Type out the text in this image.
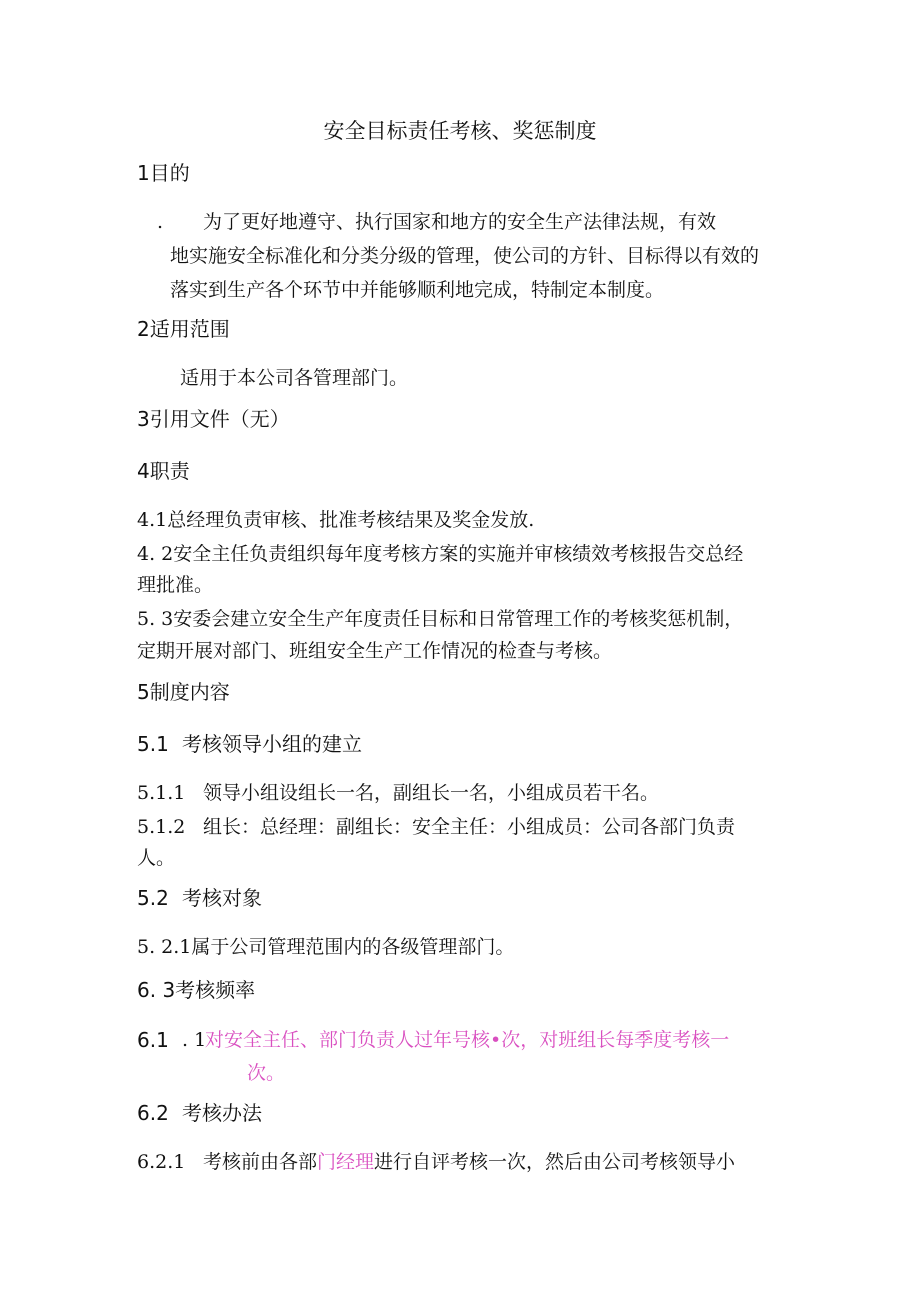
安全目标责任考核、奖惩制度
1目的
. 为了更好地遵守、执行国家和地方的安全生产法律法规，有效
地实施安全标准化和分类分级的管理，使公司的方针、目标得以有效的
落实到生产各个环节中并能够顺利地完成，特制定本制度。
2适用范围
适用于本公司各管理部门。
3引用文件（无）
4职责
4.1总经理负责审核、批准考核结果及奖金发放.
4. 2安全主任负责组织每年度考核方案的实施并审核绩效考核报告交总经
理批准。
5. 3安委会建立安全生产年度责任目标和日常管理工作的考核奖惩机制，
定期开展对部门、班组安全生产工作情况的检查与考核。
5制度内容
5.1 考核领导小组的建立
5.1.1 领导小组设组长一名，副组长一名，小组成员若干名。
5.1.2 组长：总经理：副组长：安全主任：小组成员：公司各部门负责
人。
5.2 考核对象
5. 2.1属于公司管理范围内的各级管理部门。
6. 3考核频率
6.1 . 1
对安全主任、部门负责人过年号核•次，对班组长每季度考核一
次。
6.2 考核办法
6.2.1 考核前由各部门经理进行自评考核一次，然后由公司考核领导小
